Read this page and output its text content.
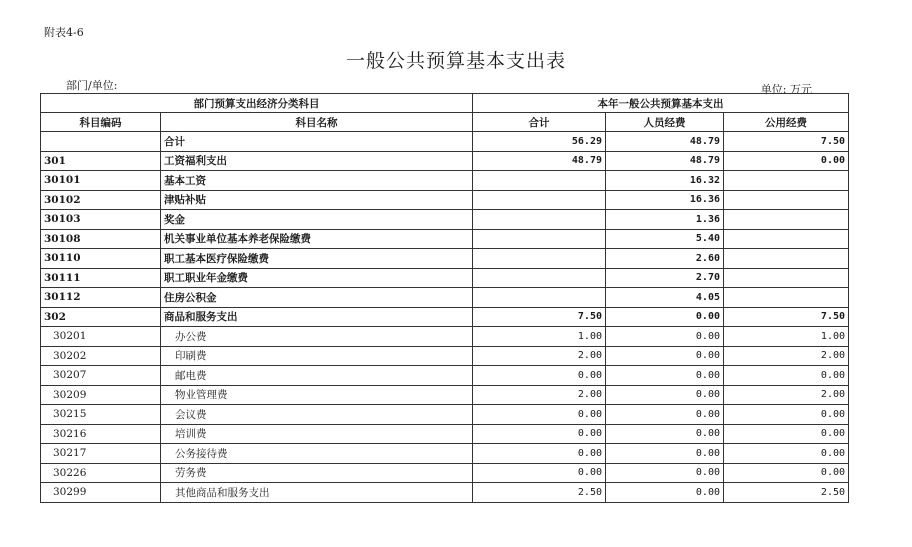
附表4-6
一般公共预算基本支出表
部门/单位:	单位: 万元
部门预算支出经济分类科目		本年一般公共预算基本支出		
科目编码	科目名称	合计	人员经费	公用经费
	合计	56.29	48.79	7.50
301	工资福利支出	48.79	48.79	0.00
30101	基本工资		16.32	
30102	津贴补贴		16.36	
30103	奖金		1.36	
30108	机关事业单位基本养老保险缴费		5.40	
30110	职工基本医疗保险缴费		2.60	
30111	职工职业年金缴费		2.70	
30112	住房公积金		4.05	
302	商品和服务支出	7.50	0.00	7.50
30201	办公费	1.00	0.00	1.00
30202	印刷费	2.00	0.00	2.00
30207	邮电费	0.00	0.00	0.00
30209	物业管理费	2.00	0.00	2.00
30215	会议费	0.00	0.00	0.00
30216	培训费	0.00	0.00	0.00
30217	公务接待费	0.00	0.00	0.00
30226	劳务费	0.00	0.00	0.00
30299	其他商品和服务支出	2.50	0.00	2.50
